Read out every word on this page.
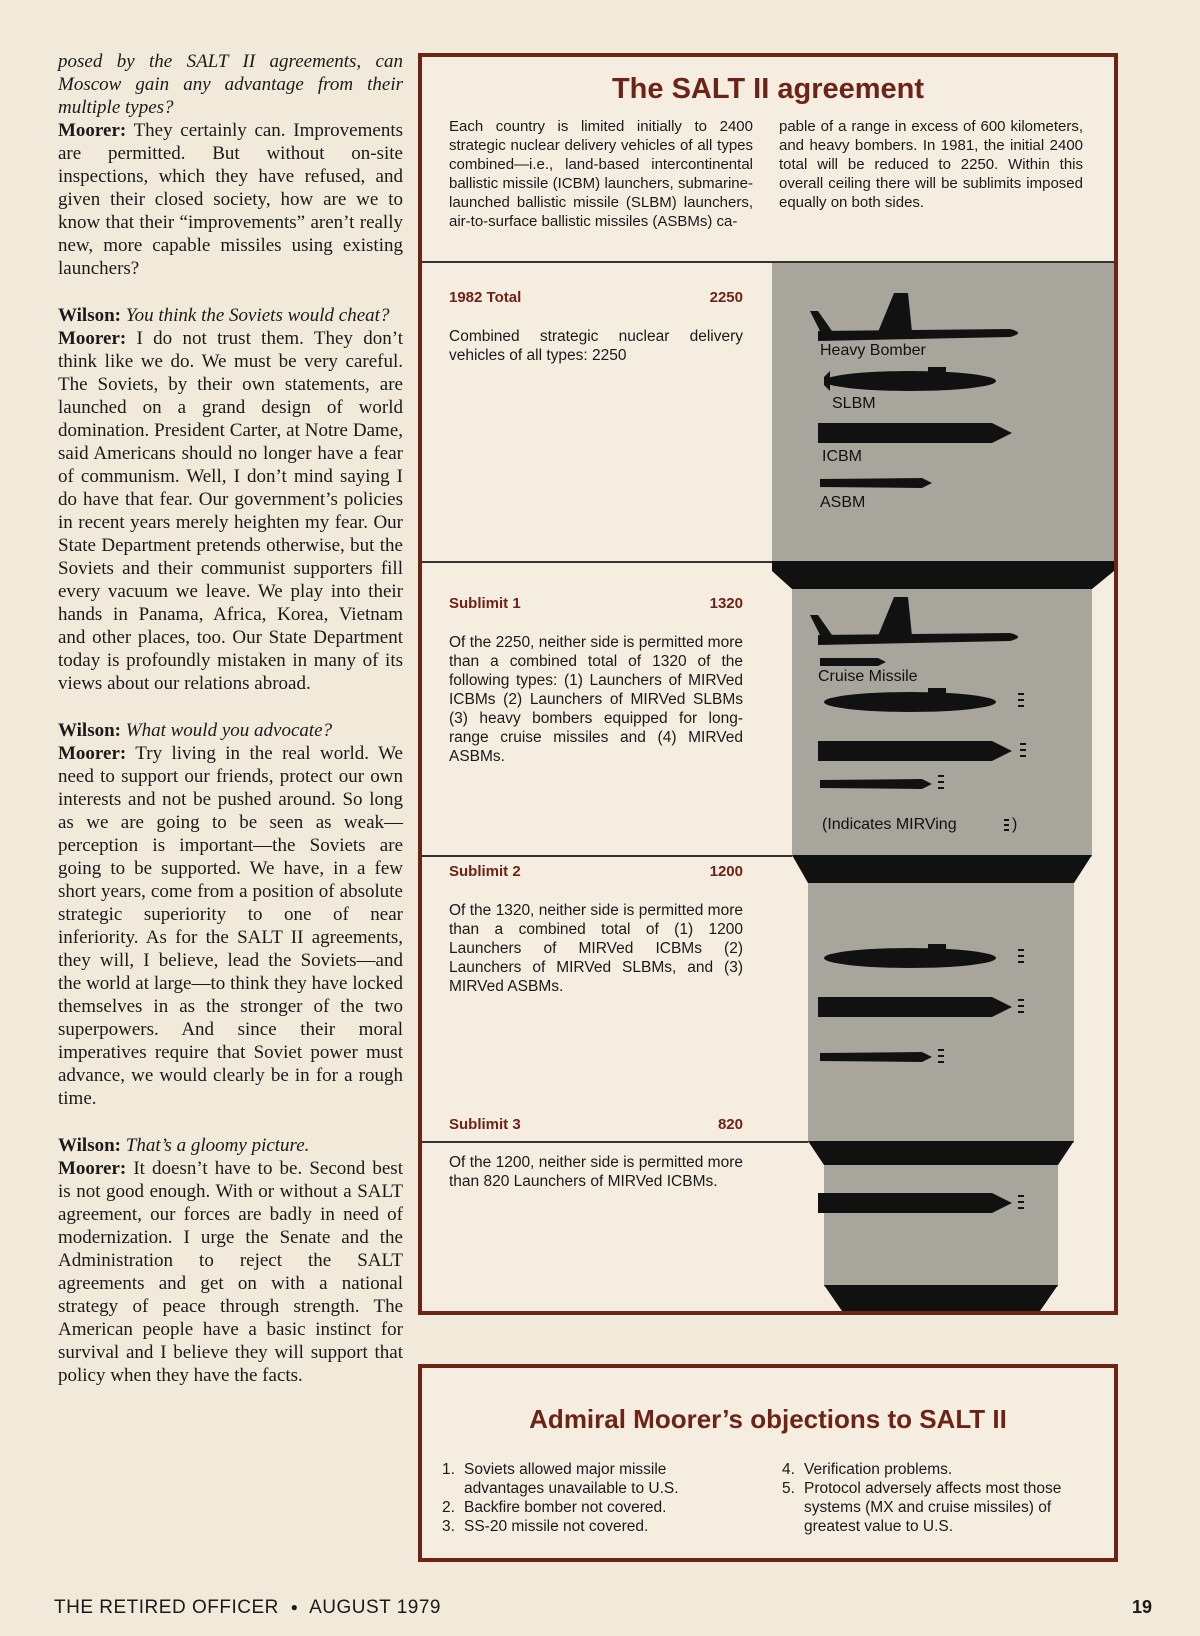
posed by the SALT II agreements, can Moscow gain any advantage from their multiple types?
Moorer: They certainly can. Improvements are permitted. But without on-site inspections, which they have refused, and given their closed society, how are we to know that their “improvements” aren’t really new, more capable missiles using existing launchers?

Wilson: You think the Soviets would cheat?
Moorer: I do not trust them. They don’t think like we do. We must be very careful. The Soviets, by their own statements, are launched on a grand design of world domination. President Carter, at Notre Dame, said Americans should no longer have a fear of communism. Well, I don’t mind saying I do have that fear. Our government’s policies in recent years merely heighten my fear. Our State Department pretends otherwise, but the Soviets and their communist supporters fill every vacuum we leave. We play into their hands in Panama, Africa, Korea, Vietnam and other places, too. Our State Department today is profoundly mistaken in many of its views about our relations abroad.

Wilson: What would you advocate?
Moorer: Try living in the real world. We need to support our friends, protect our own interests and not be pushed around. So long as we are going to be seen as weak—perception is important—the Soviets are going to be supported. We have, in a few short years, come from a position of absolute strategic superiority to one of near inferiority. As for the SALT II agreements, they will, I believe, lead the Soviets—and the world at large—to think they have locked themselves in as the stronger of the two superpowers. And since their moral imperatives require that Soviet power must advance, we would clearly be in for a rough time.

Wilson: That’s a gloomy picture.
Moorer: It doesn’t have to be. Second best is not good enough. With or without a SALT agreement, our forces are badly in need of modernization. I urge the Senate and the Administration to reject the SALT agreements and get on with a national strategy of peace through strength. The American people have a basic instinct for survival and I believe they will support that policy when they have the facts.

Heavy Bomber
SLBM
ICBM
ASBM
Cruise Missile
(Indicates MIRVing	)
The SALT II agreement

Each country is limited initially to 2400 strategic nuclear delivery vehicles of all types combined—i.e., land-based intercontinental ballistic missile (ICBM) launchers, submarine-launched ballistic missile (SLBM) launchers, air-to-surface ballistic missiles (ASBMs) ca-

pable of a range in excess of 600 kilometers, and heavy bombers. In 1981, the initial 2400 total will be reduced to 2250. Within this overall ceiling there will be sublimits imposed equally on both sides.

1982 Total	2250

Combined strategic nuclear delivery vehicles of all types: 2250

Sublimit 1	1320

Of the 2250, neither side is permitted more than a combined total of 1320 of the following types: (1) Launchers of MIRVed ICBMs (2) Launchers of MIRVed SLBMs (3) heavy bombers equipped for long-range cruise missiles and (4) MIRVed ASBMs.

Sublimit 2	1200

Of the 1320, neither side is permitted more than a combined total of (1) 1200 Launchers of MIRVed ICBMs (2) Launchers of MIRVed SLBMs, and (3) MIRVed ASBMs.

Sublimit 3	820

Of the 1200, neither side is permitted more than 820 Launchers of MIRVed ICBMs.

Admiral Moorer’s objections to SALT II
1. Soviets allowed major missile advantages unavailable to U.S.
2. Backfire bomber not covered.
3. SS-20 missile not covered.
4. Verification problems.
5. Protocol adversely affects most those systems (MX and cruise missiles) of greatest value to U.S.
THE RETIRED OFFICER ● AUGUST 1979	19
